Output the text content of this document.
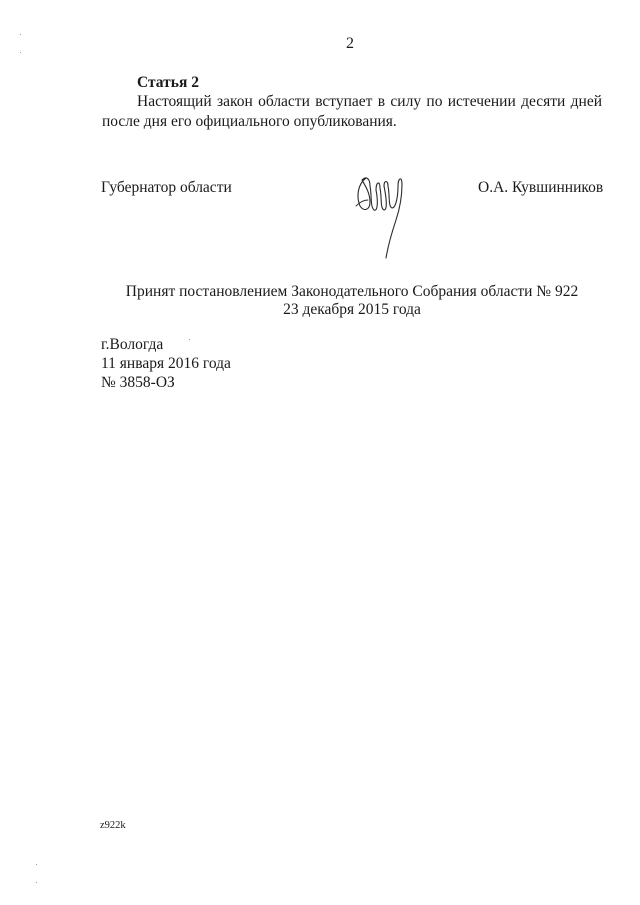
2
Статья 2
Настоящий закон области вступает в силу по истечении десяти дней после дня его официального опубликования.
Губернатор области	О.А. Кувшинников
Принят постановлением Законодательного Собрания области № 922
23 декабря 2015 года
г.Вологда
11 января 2016 года
№ 3858-ОЗ
z922k
